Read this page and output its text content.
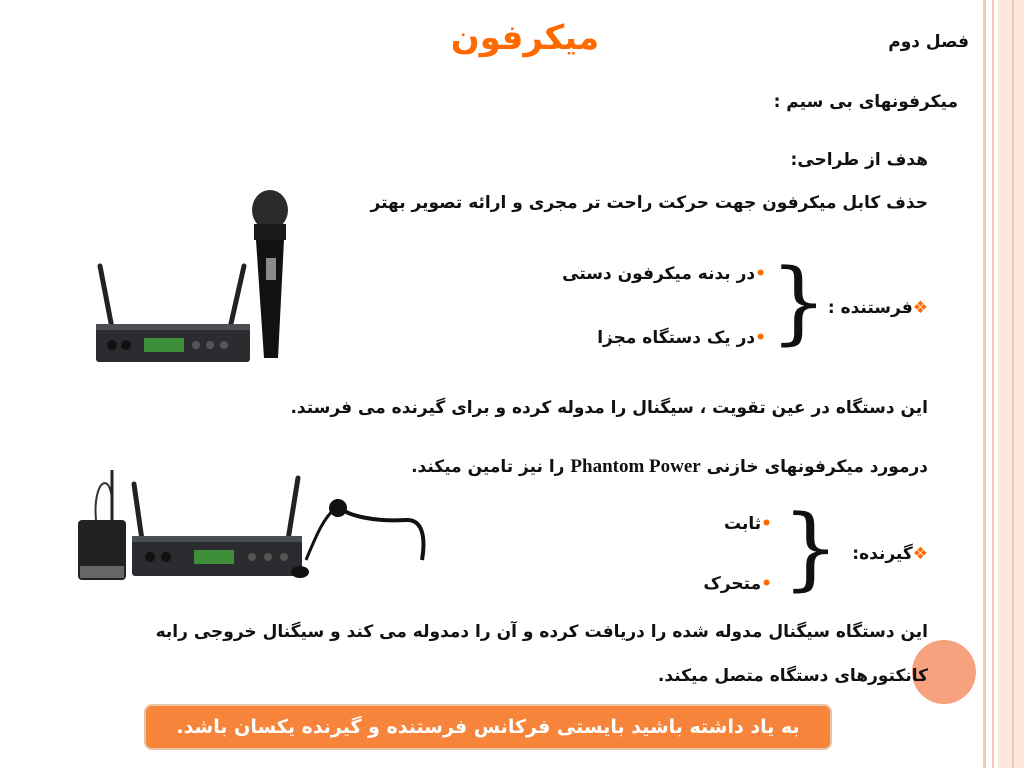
فصل دوم
میکرفون
میکرفونهای بی سیم :
هدف از طراحی:
حذف کابل میکرفون جهت حرکت راحت تر مجری و ارائه تصویر بهتر
❖فرستنده :
}
•در بدنه میکرفون دستی
•در یک دستگاه مجزا
این دستگاه در عین تقویت ، سیگنال را مدوله کرده و برای گیرنده می فرستد.
درمورد میکرفونهای خازنی Phantom Power را نیز تامین میکند.
❖گیرنده:
}
•ثابت
•متحرک
این دستگاه سیگنال مدوله شده را دریافت کرده و آن را دمدوله می کند و سیگنال خروجی رابه
کانکتورهای دستگاه متصل میکند.
به یاد داشته باشید بایستی فرکانس فرستنده و گیرنده یکسان باشد.
